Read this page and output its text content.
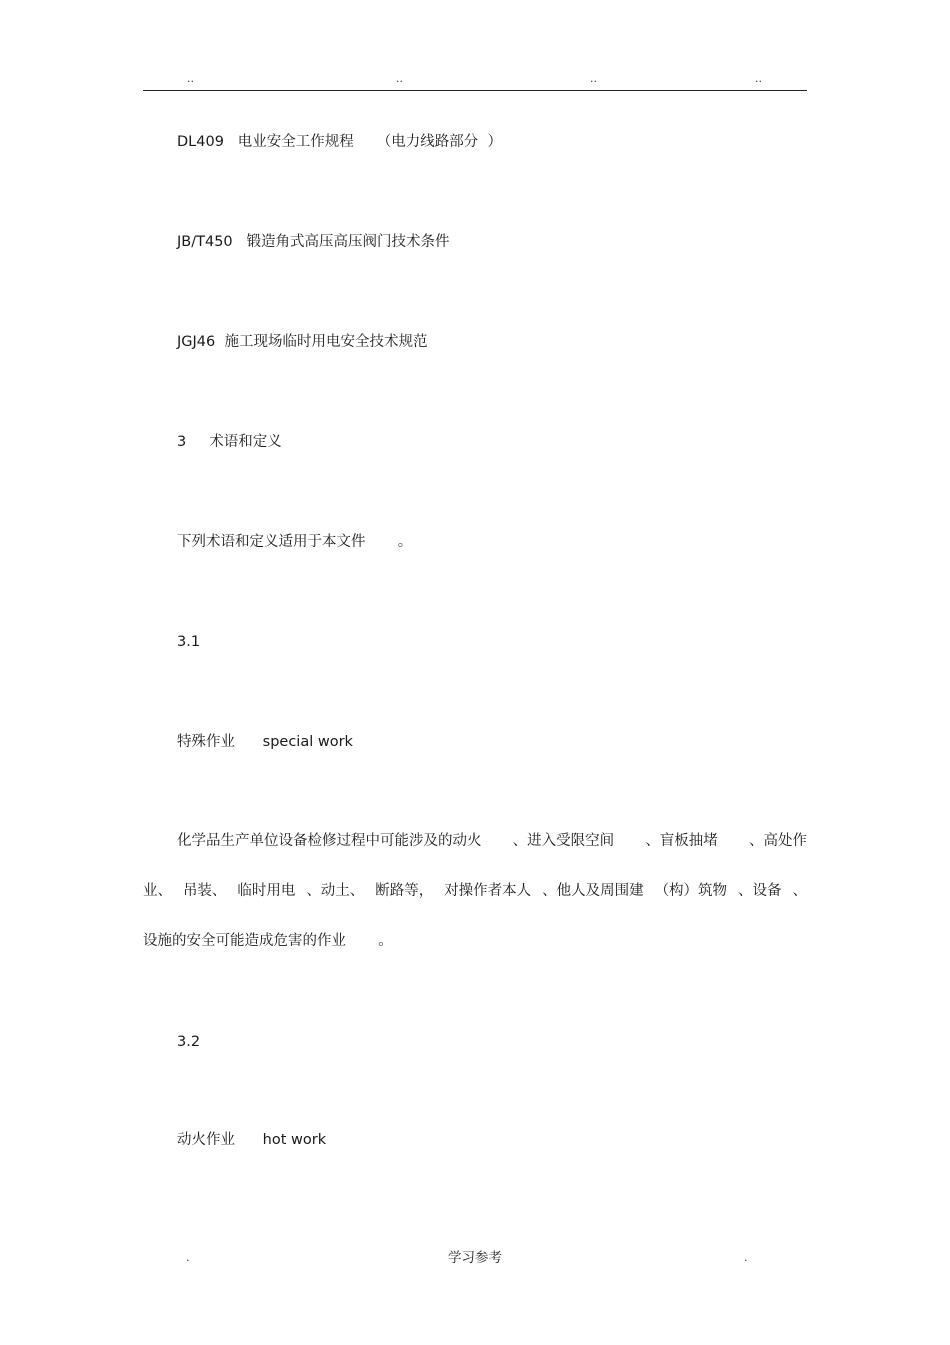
..	..	..	..
DL409   电业安全工作规程     （电力线路部分  ）
JB/T450   锻造角式高压高压阀门技术条件
JGJ46  施工现场临时用电安全技术规范
3     术语和定义
下列术语和定义适用于本文件       。
3.1
特殊作业      special work
化学品生产单位设备检修过程中可能涉及的动火 、进入受限空间 、盲板抽堵 、高处作
业、 吊装、 临时用电 、动土、 断路等， 对操作者本人 、他人及周围建 （构）筑物 、设备 、
设施的安全可能造成危害的作业       。
3.2
动火作业      hot work
.	学习参考	.
